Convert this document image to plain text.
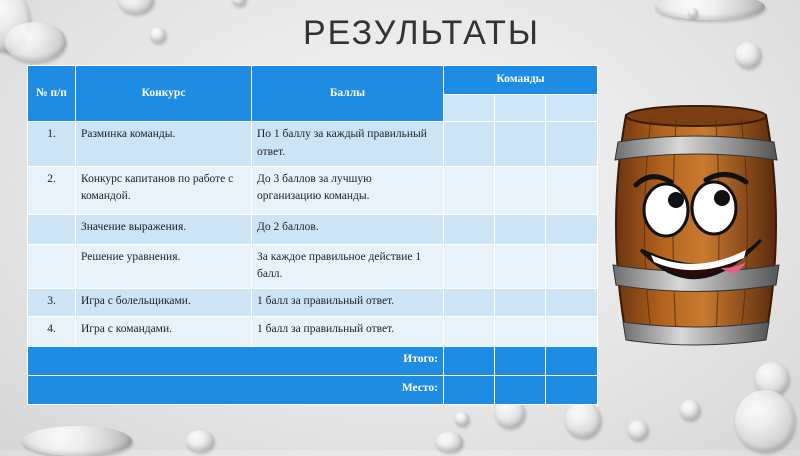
РЕЗУЛЬТАТЫ
№ п/п	Конкурс	Баллы	Команды		

1.	Разминка команды.	По 1 баллу за каждый правильный ответ.			
2.	Конкурс капитанов по работе с командой.	До 3 баллов за лучшую организацию команды.			
	Значение выражения.	До 2 баллов.			
	Решение уравнения.	За каждое правильное действие 1 балл.			
3.	Игра с болельщиками.	1 балл за правильный ответ.			
4.	Игра с командами.	1 балл за правильный ответ.			
Итого:					
Место:					
